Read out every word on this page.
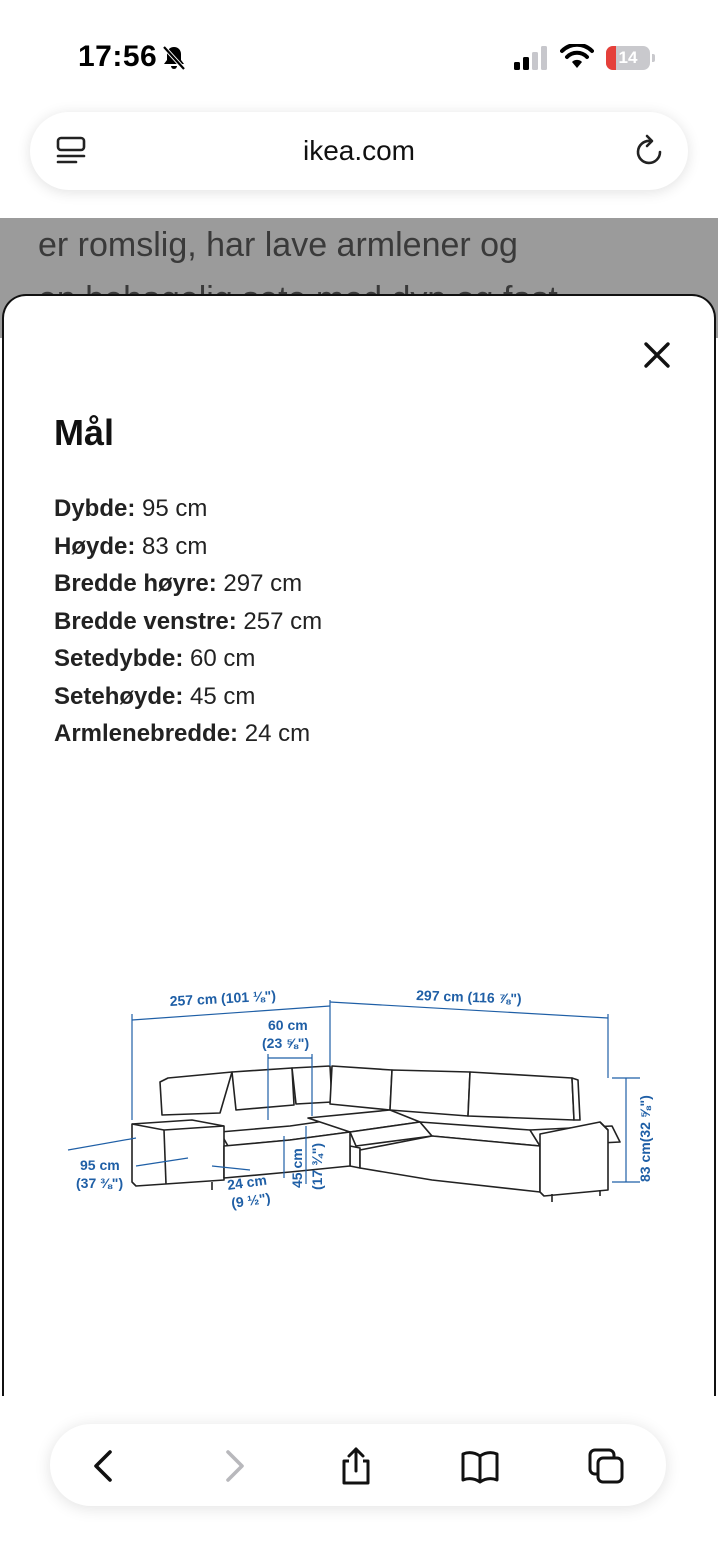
17:56	14
ikea.com
er romslig, har lave armlener og
Mål
Dybde: 95 cm
Høyde: 83 cm
Bredde høyre: 297 cm
Bredde venstre: 257 cm
Setedybde: 60 cm
Setehøyde: 45 cm
Armlenebredde: 24 cm
257 cm (101 ⅛")	297 cm (116 ⅞")
60 cm
(23 ⅝")
95 cm
(37 ⅜")	24 cm
(9 ½")
45 cm (17 ¾")	83 cm(32 ⅝")
